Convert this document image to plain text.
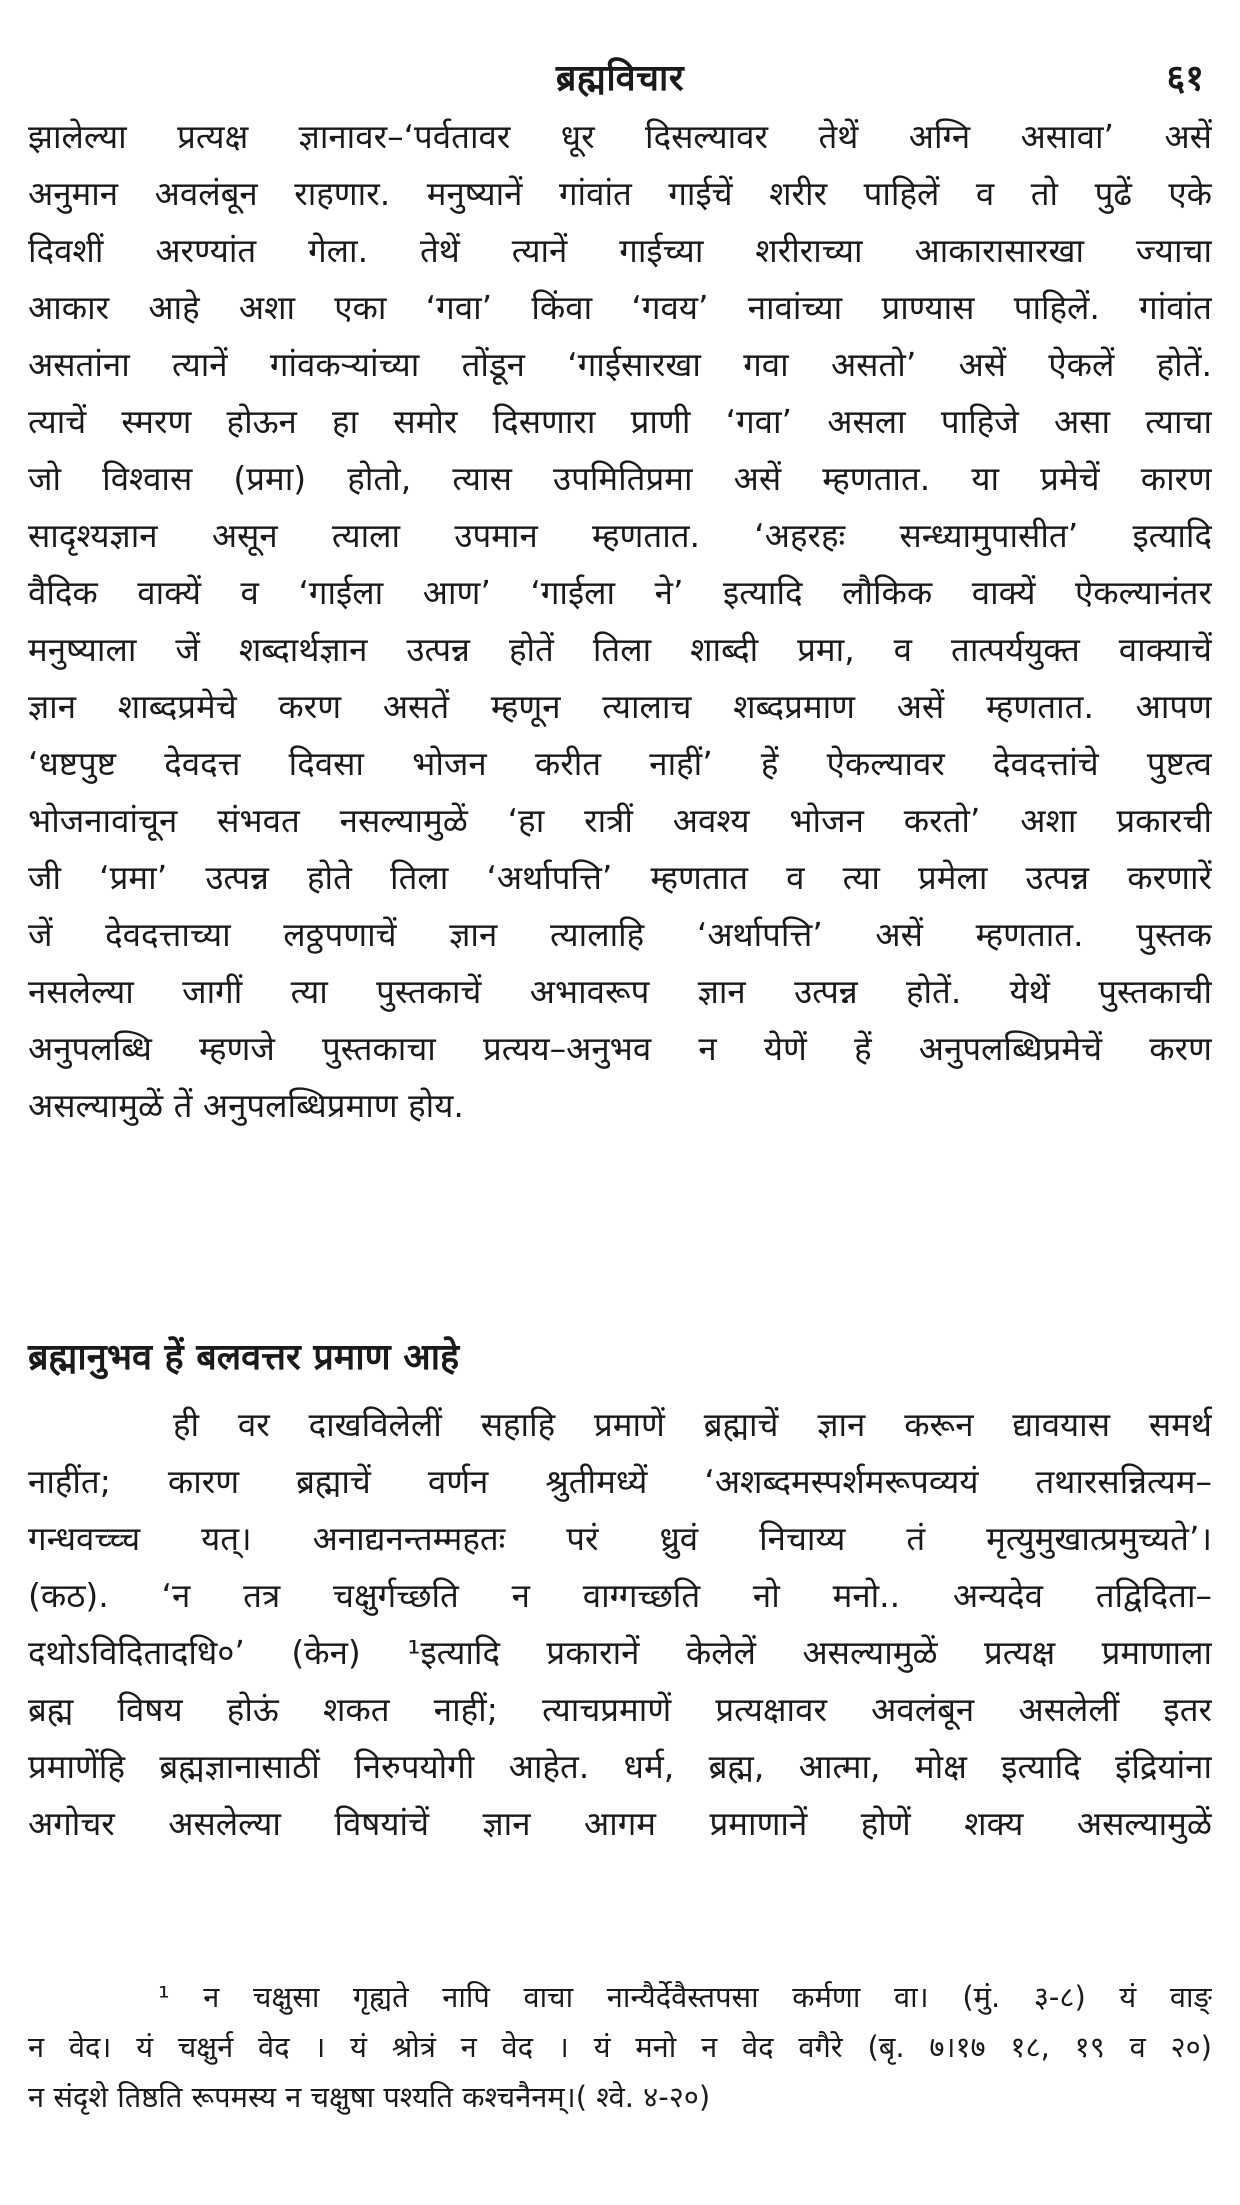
ब्रह्मविचार	६१
झालेल्या प्रत्यक्ष ज्ञानावर–‘पर्वतावर धूर दिसल्यावर तेथें अग्नि असावा’ असें
अनुमान अवलंबून राहणार. मनुष्यानें गांवांत गाईचें शरीर पाहिलें व तो पुढें एके
दिवशीं अरण्यांत गेला. तेथें त्यानें गाईच्या शरीराच्या आकारासारखा ज्याचा
आकार आहे अशा एका ‘गवा’ किंवा ‘गवय’ नावांच्या प्राण्यास पाहिलें. गांवांत
असतांना त्यानें गांवकऱ्यांच्या तोंडून ‘गाईसारखा गवा असतो’ असें ऐकलें होतें.
त्याचें स्मरण होऊन हा समोर दिसणारा प्राणी ‘गवा’ असला पाहिजे असा त्याचा
जो विश्वास (प्रमा) होतो, त्यास उपमितिप्रमा असें म्हणतात. या प्रमेचें कारण
सादृश्यज्ञान असून त्याला उपमान म्हणतात. ‘अहरहः सन्ध्यामुपासीत’ इत्यादि
वैदिक वाक्यें व ‘गाईला आण’ ‘गाईला ने’ इत्यादि लौकिक वाक्यें ऐकल्यानंतर
मनुष्याला जें शब्दार्थज्ञान उत्पन्न होतें तिला शाब्दी प्रमा, व तात्पर्ययुक्त वाक्याचें
ज्ञान शाब्दप्रमेचे करण असतें म्हणून त्यालाच शब्दप्रमाण असें म्हणतात. आपण
‘धष्टपुष्ट देवदत्त दिवसा भोजन करीत नाहीं’ हें ऐकल्यावर देवदत्तांचे पुष्टत्व
भोजनावांचून संभवत नसल्यामुळें ‘हा रात्रीं अवश्य भोजन करतो’ अशा प्रकारची
जी ‘प्रमा’ उत्पन्न होते तिला ‘अर्थापत्ति’ म्हणतात व त्या प्रमेला उत्पन्न करणारें
जें देवदत्ताच्या लठ्ठपणाचें ज्ञान त्यालाहि ‘अर्थापत्ति’ असें म्हणतात. पुस्तक
नसलेल्या जागीं त्या पुस्तकाचें अभावरूप ज्ञान उत्पन्न होतें. येथें पुस्तकाची
अनुपलब्धि म्हणजे पुस्तकाचा प्रत्यय–अनुभव न येणें हें अनुपलब्धिप्रमेचें करण
असल्यामुळें तें अनुपलब्धिप्रमाण होय.
ब्रह्मानुभव हें बलवत्तर प्रमाण आहे
ही वर दाखविलेलीं सहाहि प्रमाणें ब्रह्माचें ज्ञान करून द्यावयास समर्थ
नाहींत; कारण ब्रह्माचें वर्णन श्रुतीमध्यें ‘अशब्दमस्पर्शमरूपव्ययं तथारसन्नित्यम–
गन्धवच्च्च यत्। अनाद्यनन्तम्महतः परं ध्रुवं निचाय्य तं मृत्युमुखात्प्रमुच्यते’।
(कठ). ‘न तत्र चक्षुर्गच्छति न वाग्गच्छति नो मनो.. अन्यदेव तद्विदिता–
दथोऽविदितादधि०’ (केन) ¹इत्यादि प्रकारानें केलेलें असल्यामुळें प्रत्यक्ष प्रमाणाला
ब्रह्म विषय होऊं शकत नाहीं; त्याचप्रमाणें प्रत्यक्षावर अवलंबून असलेलीं इतर
प्रमाणेंहि ब्रह्मज्ञानासाठीं निरुपयोगी आहेत. धर्म, ब्रह्म, आत्मा, मोक्ष इत्यादि इंद्रियांना
अगोचर असलेल्या विषयांचें ज्ञान आगम प्रमाणानें होणें शक्य असल्यामुळें
¹ न चक्षुसा गृह्यते नापि वाचा नान्यैर्देवैस्तपसा कर्मणा वा। (मुं. ३-८) यं वाङ्
न वेद। यं चक्षुर्न वेद । यं श्रोत्रं न वेद । यं मनो न वेद वगैरे (बृ. ७।१७ १८, १९ व २०)
न संदृशे तिष्ठति रूपमस्य न चक्षुषा पश्यति कश्चनैनम्।( श्वे. ४-२०)
